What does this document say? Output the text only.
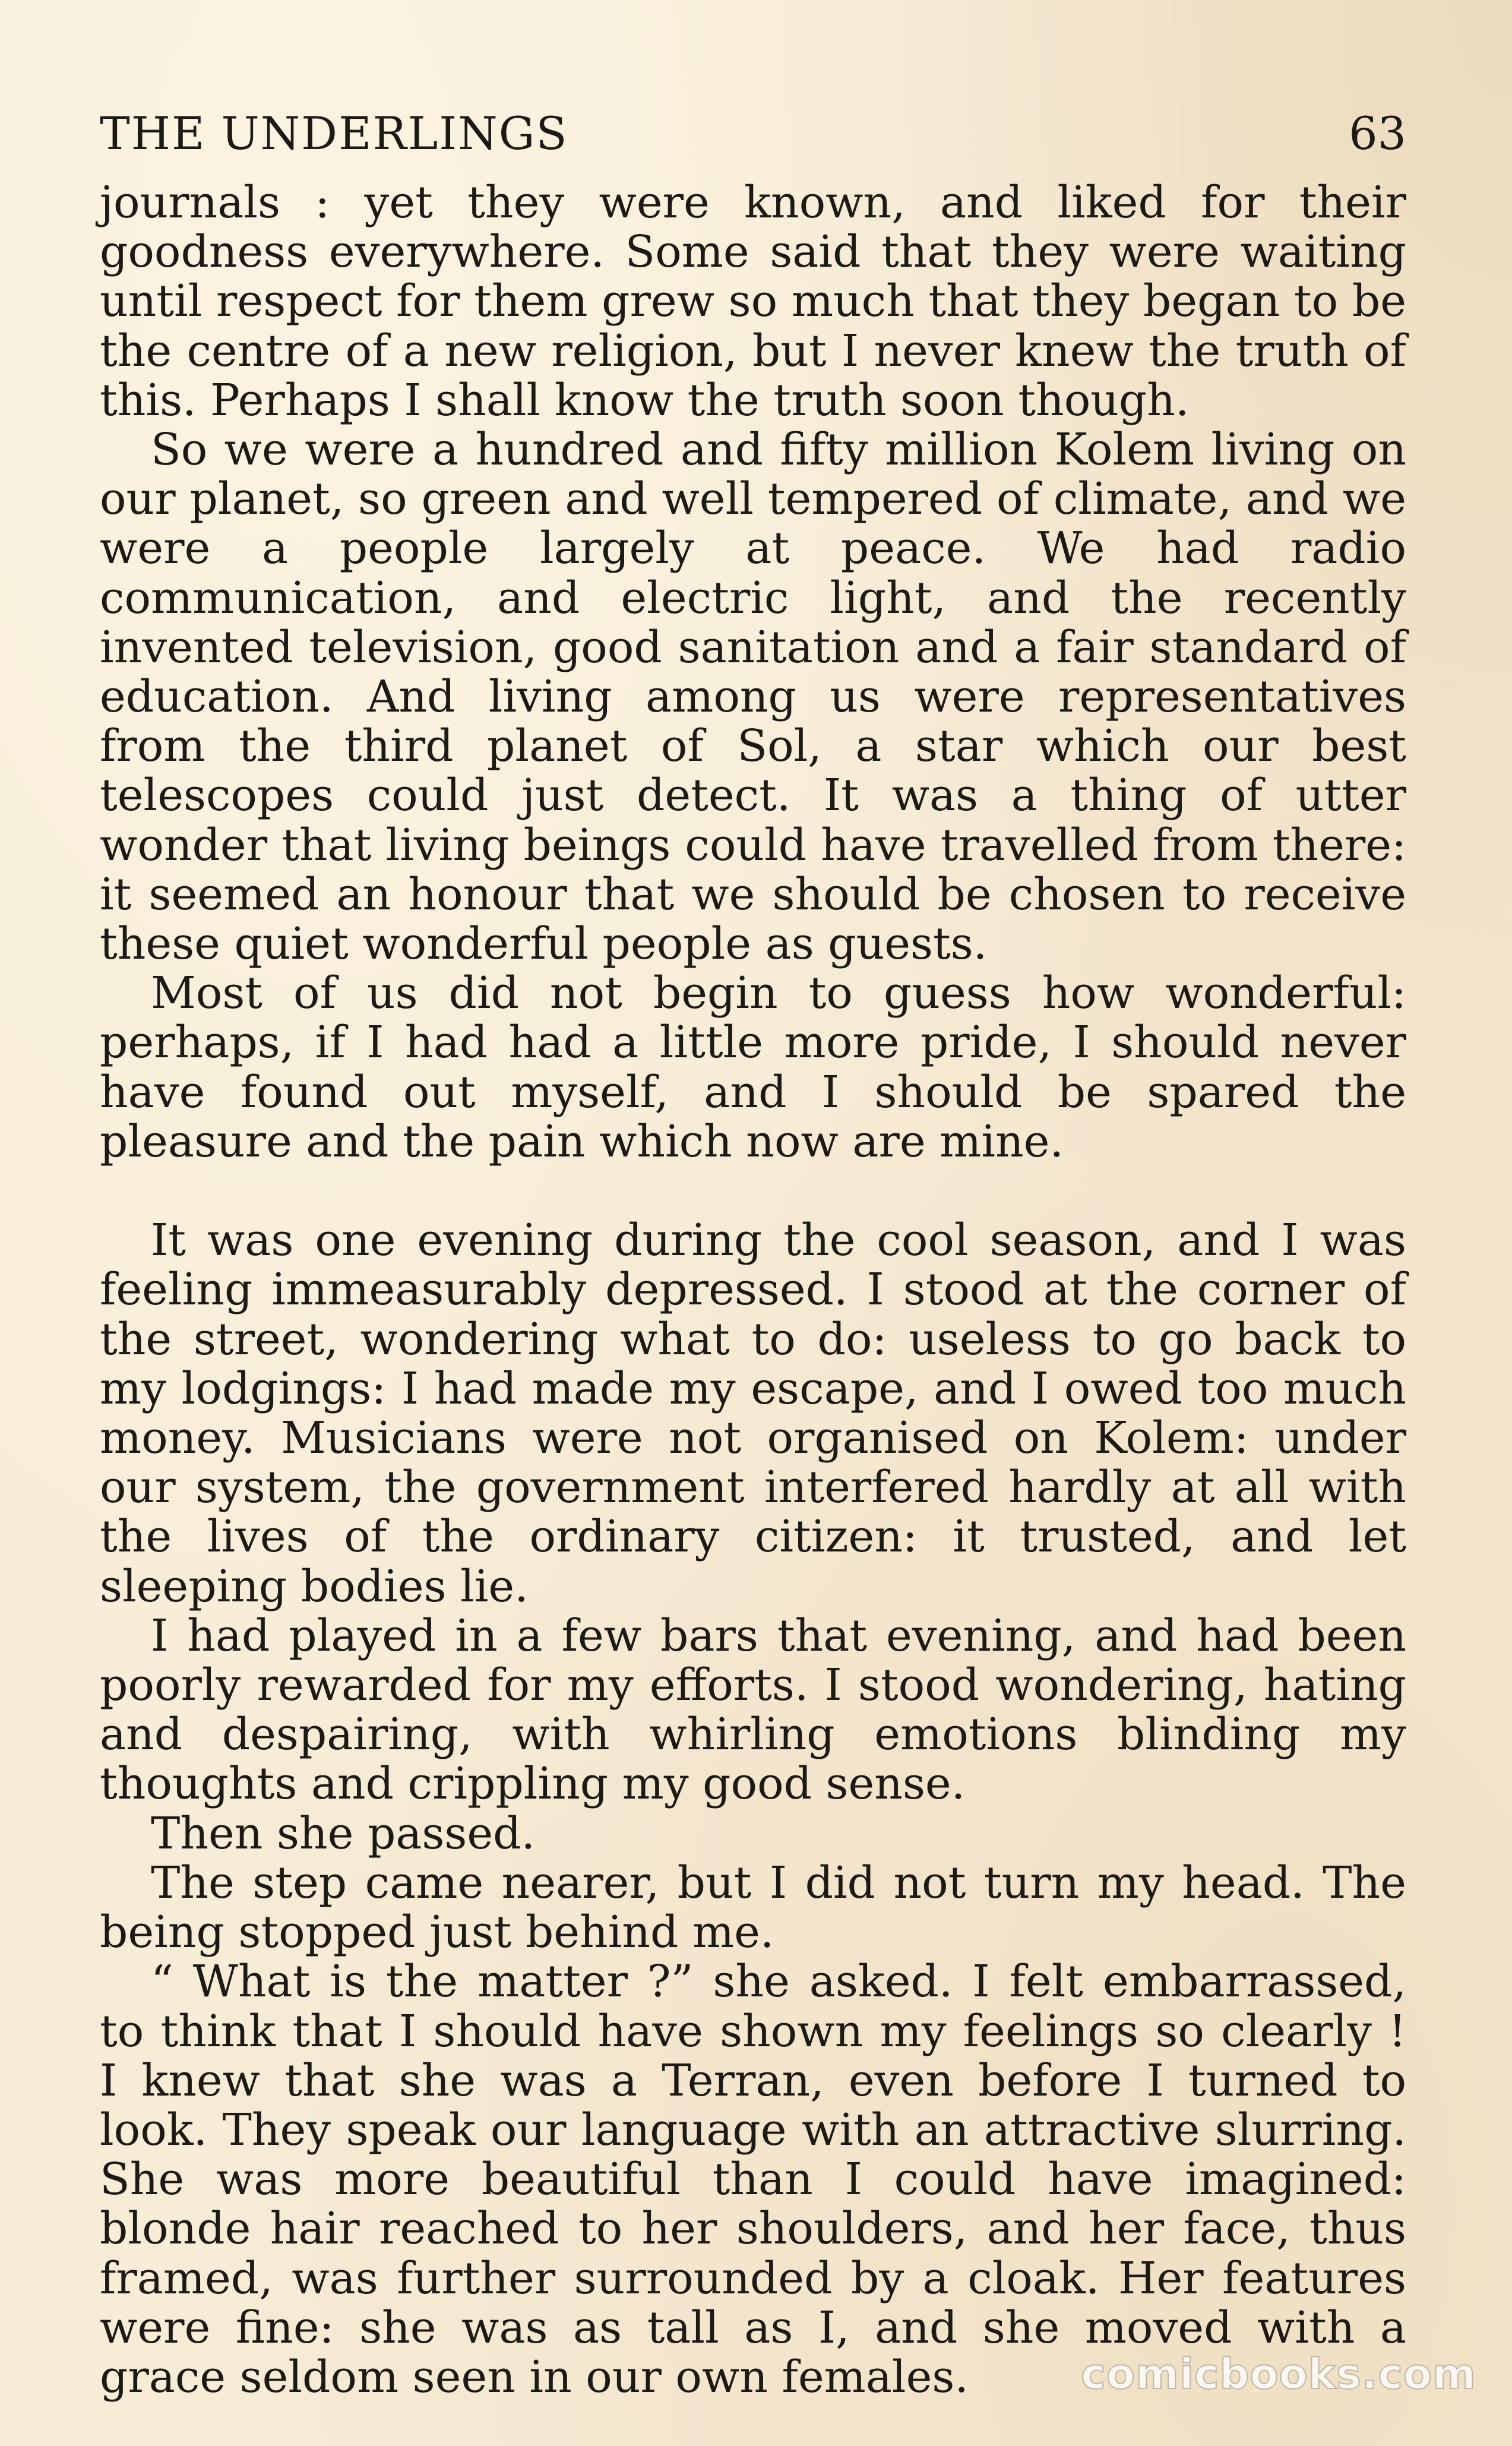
THE UNDERLINGS	63

journals : yet they were known, and liked for their goodness everywhere. Some said that they were waiting until respect for them grew so much that they began to be the centre of a new religion, but I never knew the truth of this. Perhaps I shall know the truth soon though.

So we were a hundred and fifty million Kolem living on our planet, so green and well tempered of climate, and we were a people largely at peace. We had radio communication, and electric light, and the recently invented television, good sanitation and a fair standard of education. And living among us were representatives from the third planet of Sol, a star which our best telescopes could just detect. It was a thing of utter wonder that living beings could have travelled from there: it seemed an honour that we should be chosen to receive these quiet wonderful people as guests.

Most of us did not begin to guess how wonderful: perhaps, if I had had a little more pride, I should never have found out myself, and I should be spared the pleasure and the pain which now are mine.

It was one evening during the cool season, and I was feeling immeasurably depressed. I stood at the corner of the street, wondering what to do: useless to go back to my lodgings: I had made my escape, and I owed too much money. Musicians were not organised on Kolem: under our system, the government interfered hardly at all with the lives of the ordinary citizen: it trusted, and let sleeping bodies lie.

I had played in a few bars that evening, and had been poorly rewarded for my efforts. I stood wondering, hating and despairing, with whirling emotions blinding my thoughts and crippling my good sense.

Then she passed.

The step came nearer, but I did not turn my head. The being stopped just behind me.

“ What is the matter ?” she asked. I felt embarrassed, to think that I should have shown my feelings so clearly ! I knew that she was a Terran, even before I turned to look. They speak our language with an attractive slurring. She was more beautiful than I could have imagined: blonde hair reached to her shoulders, and her face, thus framed, was further surrounded by a cloak. Her features were fine: she was as tall as I, and she moved with a grace seldom seen in our own females.	comicbooks.com
